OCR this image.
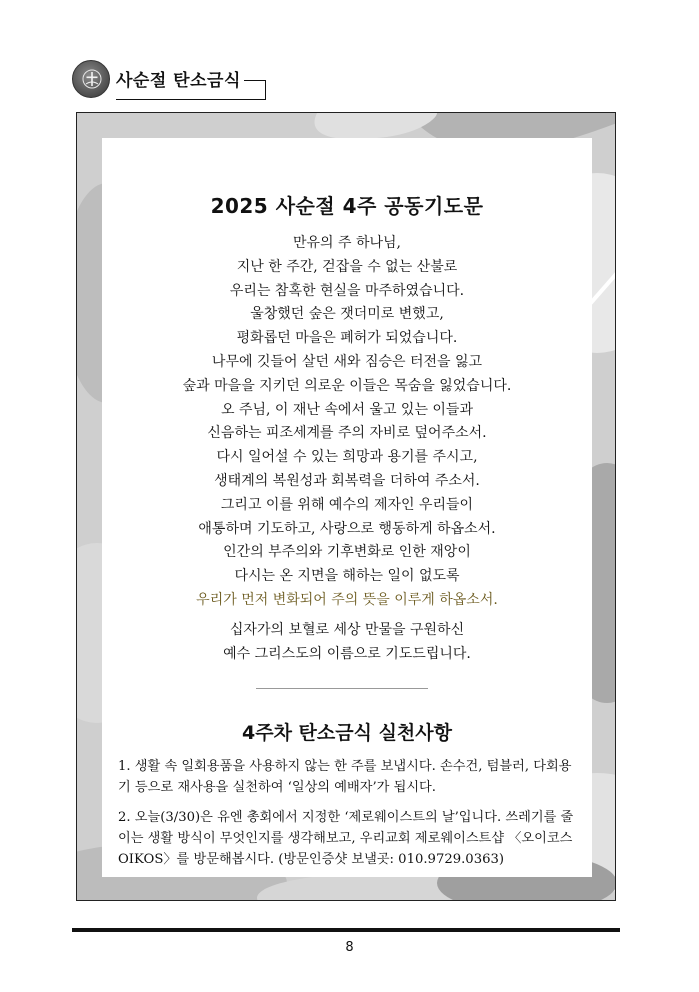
사순절 탄소금식
2025 사순절 4주 공동기도문
만유의 주 하나님,
지난 한 주간, 걷잡을 수 없는 산불로
우리는 참혹한 현실을 마주하였습니다.
울창했던 숲은 잿더미로 변했고,
평화롭던 마을은 폐허가 되었습니다.
나무에 깃들어 살던 새와 짐승은 터전을 잃고
숲과 마을을 지키던 의로운 이들은 목숨을 잃었습니다.
오 주님, 이 재난 속에서 울고 있는 이들과
신음하는 피조세계를 주의 자비로 덮어주소서.
다시 일어설 수 있는 희망과 용기를 주시고,
생태계의 복원성과 회복력을 더하여 주소서.
그리고 이를 위해 예수의 제자인 우리들이
애통하며 기도하고, 사랑으로 행동하게 하옵소서.
인간의 부주의와 기후변화로 인한 재앙이
다시는 온 지면을 해하는 일이 없도록
우리가 먼저 변화되어 주의 뜻을 이루게 하옵소서.
십자가의 보혈로 세상 만물을 구원하신
예수 그리스도의 이름으로 기도드립니다.
4주차 탄소금식 실천사항

1. 생활 속 일회용품을 사용하지 않는 한 주를 보냅시다. 손수건, 텀블러, 다회용기 등으로 재사용을 실천하여 ‘일상의 예배자’가 됩시다.

2. 오늘(3/30)은 유엔 총회에서 지정한 ‘제로웨이스트의 날’입니다. 쓰레기를 줄이는 생활 방식이 무엇인지를 생각해보고, 우리교회 제로웨이스트샵 〈오이코스OIKOS〉를 방문해봅시다. (방문인증샷 보낼곳: 010.9729.0363)

8
